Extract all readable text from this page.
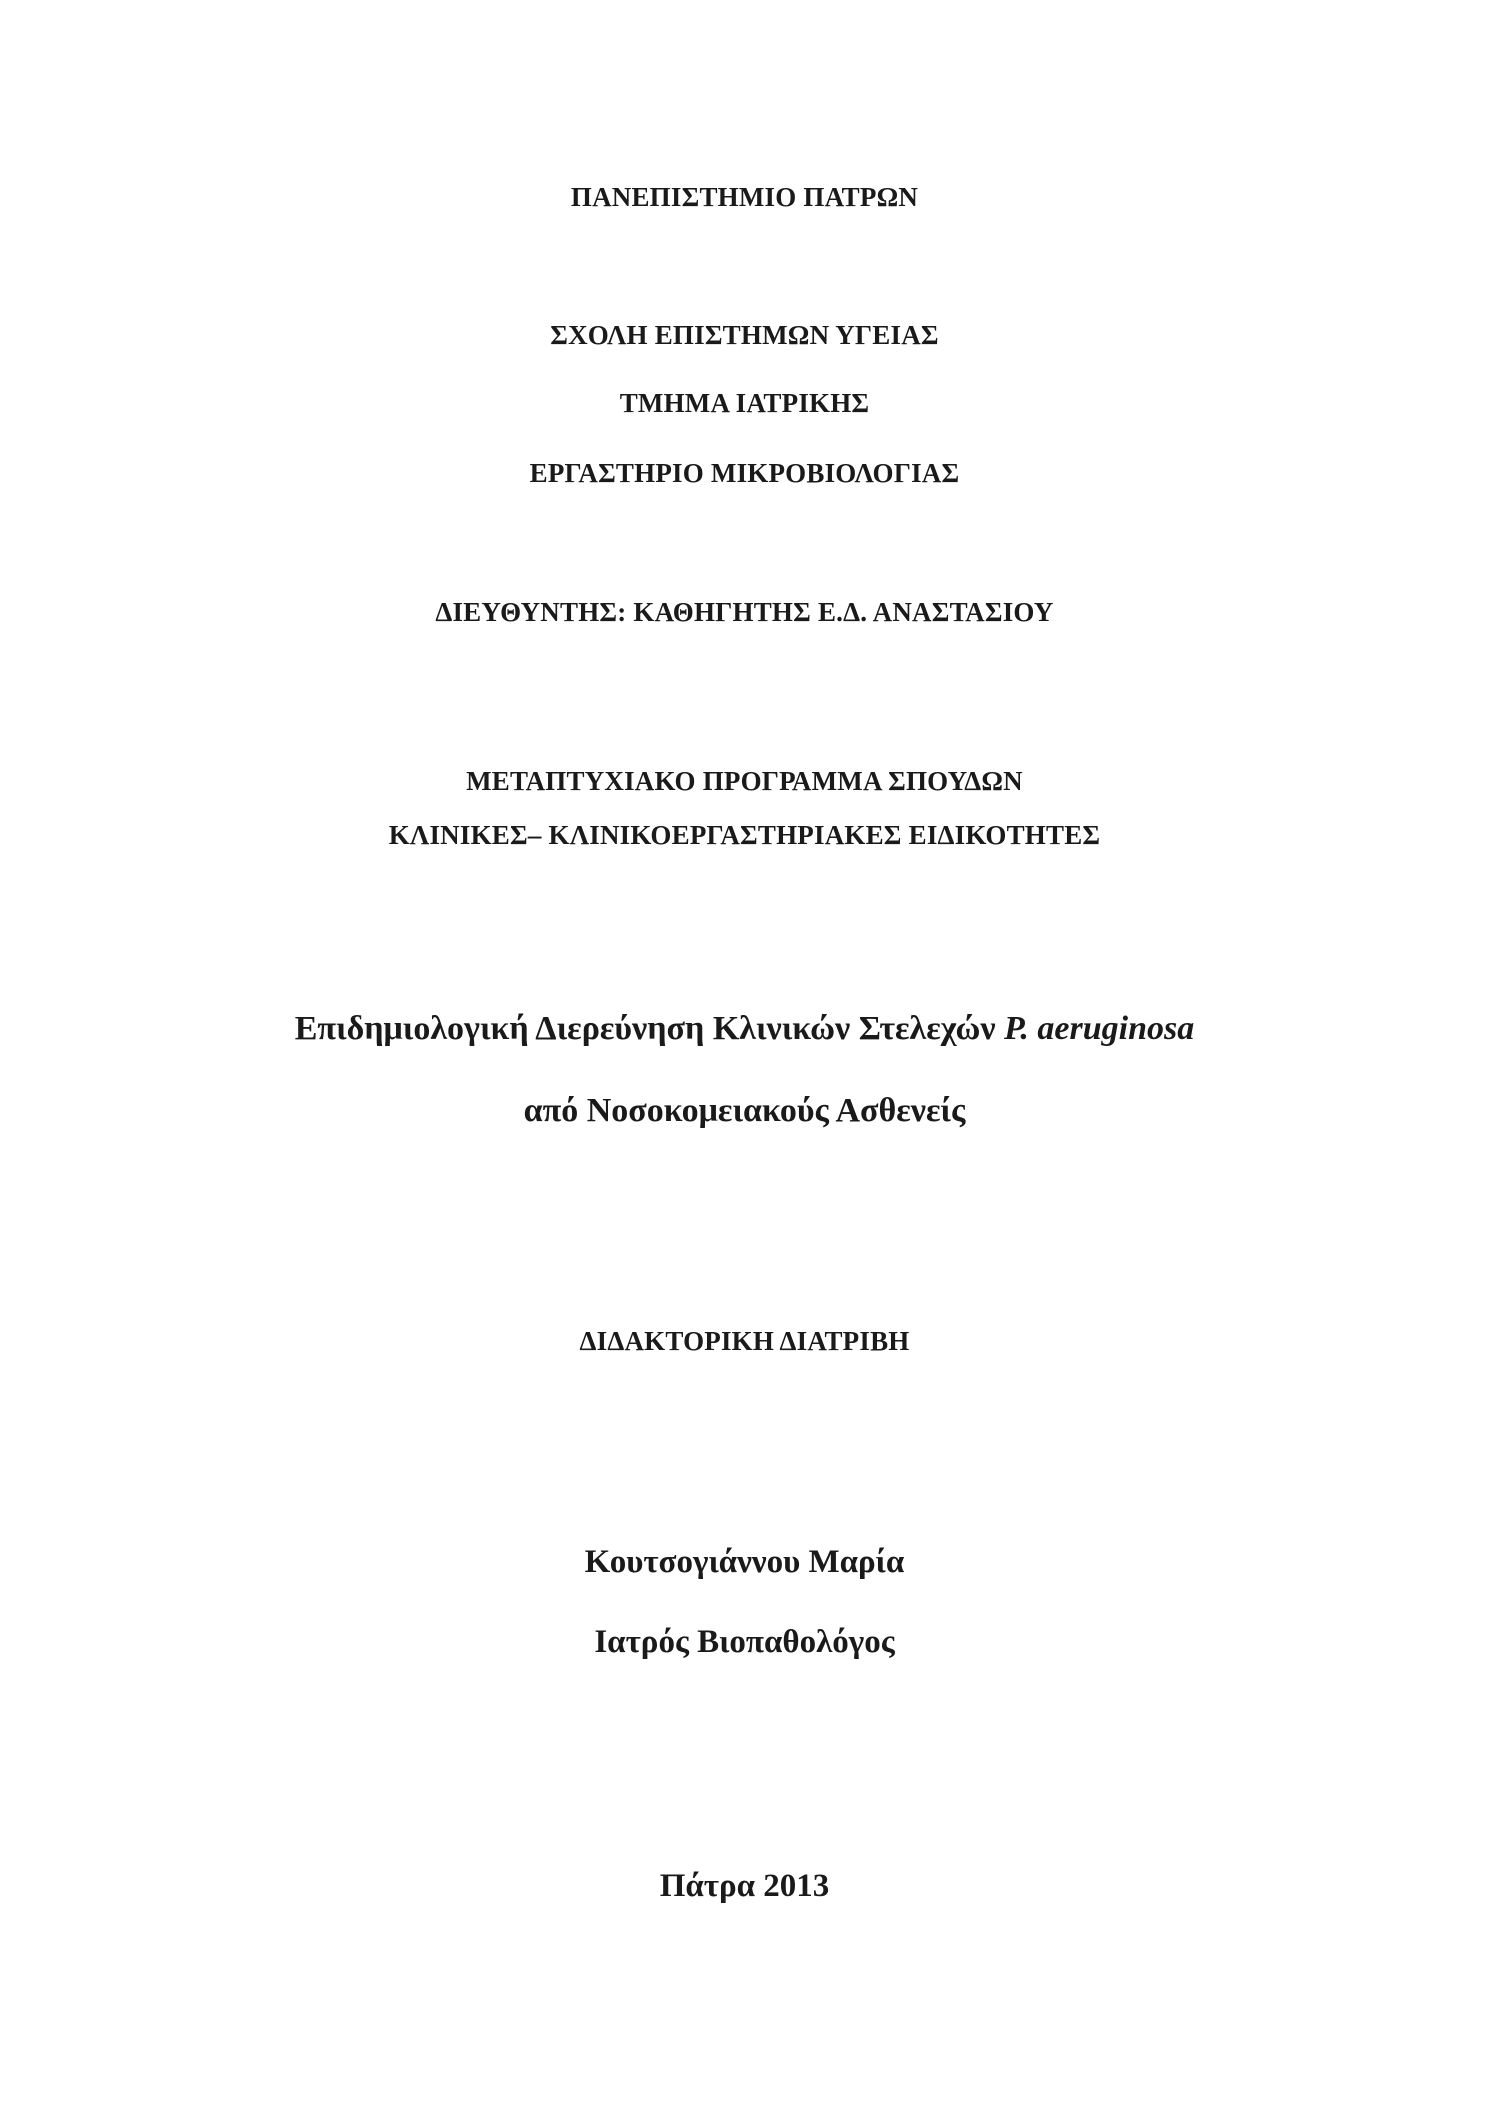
ΠΑΝΕΠΙΣΤΗΜΙΟ ΠΑΤΡΩΝ

ΣΧΟΛΗ ΕΠΙΣΤΗΜΩΝ ΥΓΕΙΑΣ

ΤΜΗΜΑ ΙΑΤΡΙΚΗΣ

ΕΡΓΑΣΤΗΡΙΟ ΜΙΚΡΟΒΙΟΛΟΓΙΑΣ

ΔΙΕΥΘΥΝΤΗΣ: ΚΑΘΗΓΗΤΗΣ Ε.Δ. ΑΝΑΣΤΑΣΙΟΥ

ΜΕΤΑΠΤΥΧΙΑΚΟ ΠΡΟΓΡΑΜΜΑ ΣΠΟΥΔΩΝ

ΚΛΙΝΙΚΕΣ– ΚΛΙΝΙΚΟΕΡΓΑΣΤΗΡΙΑΚΕΣ ΕΙΔΙΚΟΤΗΤΕΣ

Επιδημιολογική Διερεύνηση Κλινικών Στελεχών P. aeruginosa

από Νοσοκομειακούς Ασθενείς

ΔΙΔΑΚΤΟΡΙΚΗ ΔΙΑΤΡΙΒΗ

Κουτσογιάννου Μαρία

Ιατρός Βιοπαθολόγος

Πάτρα 2013
